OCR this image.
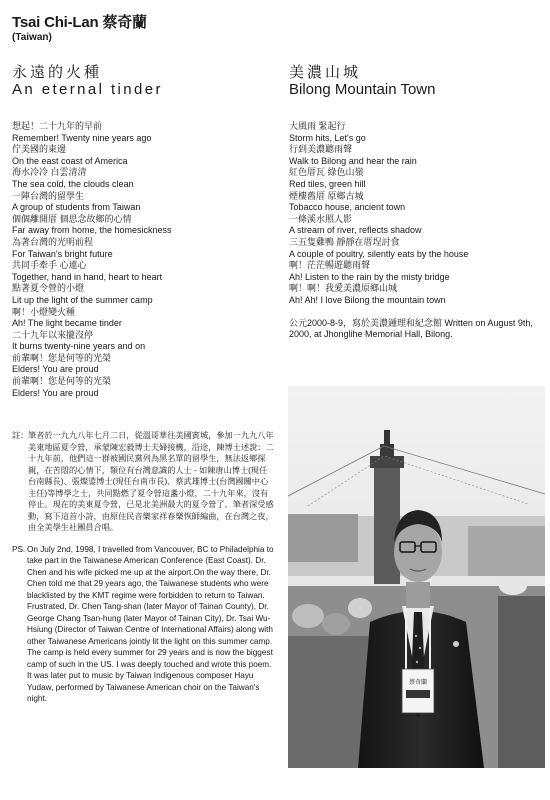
Tsai Chi-Lan 蔡奇蘭
(Taiwan)
永遠的火種
An eternal tinder
想起！二十九年的早前
Remember! Twenty nine years ago
佇美國的東邊
On the east coast of America
海水冷冷 白雲清清
The sea cold, the clouds clean
一陣台灣的留學生
A group of students from Taiwan
個個離開厝 個思念故鄉的心情
Far away from home, the homesickness
為著台灣的光明前程
For Taiwan's bright future
共同手牽手 心連心
Together, hand in hand, heart to heart
點著夏令營的小燈
Lit up the light of the summer camp
啊！小燈變火種
Ah! The light became tinder
二十九年以來攏沒停
It burns twenty-nine years and on
前輩啊！您是何等的光榮
Elders! You are proud
前輩啊！您是何等的光榮
Elders! You are proud
美濃山城
Bilong Mountain Town
大風雨 緊起行
Storm hits, Let's go
行到美濃聽雨聲
Walk to Bilong and hear the rain
紅色厝瓦 綠色山嶺
Red tiles, green hill
煙樓舊厝 原鄉古城
Tobacco house, ancient town
一條溪水照人影
A stream of river, reflects shadow
三五隻雞鴨 靜靜在厝埕討食
A couple of poultry, silently eats by the house
啊！茫茫暢遊聽雨聲
Ah! Listen to the rain by the misty bridge
啊！啊！我愛美濃原鄉山城
Ah! Ah! I love Bilong the mountain town
公元2000-8-9，寫於美濃鍾理和紀念館 Written on August 9th, 2000, at Jhonglihe Memorial Hall, Bilong.
註： 筆者於一九九八年七月二日，從溫哥華往美國賓城，參加一九九八年美東地區夏令營，承蒙陳宏毅博士夫婦接機，沿途，陳博士述說：二十九年前，他們這一群被國民黨列為黑名單的留學生，無法返鄉探親，在苦悶的心情下，類位有台灣意識的人士 - 如陳唐山博士(現任台南縣長)、張燦鍙博士(現任台南市長)、蔡武雄博士(台灣國關中心主任)等博學之士，共同點燃了夏令營這盞小燈，二十九年來，沒有停止。現在的美東夏令營，已是北美洲最大的夏令營了。筆者深受感動，寫下這首小詩，由原住民音樂家祥春樂恢師編曲，在台灣之夜，由全美學生社團員合唱。
PS. On July 2nd, 1998, I travelled from Vancouver, BC to Philadelphia to take part in the Taiwanese American Conference (East Coast). Dr. Chen and his wife picked me up at the airport.On the way there, Dr. Chen told me that 29 years ago, the Taiwanese students who were blacklisted by the KMT regime were forbidden to return to Taiwan. Frustrated, Dr. Chen Tang-shan (later Mayor of Tainan County), Dr. George Chang Tsan-hung (later Mayor of Tainan City), Dr. Tsai Wu-Hsiung (Director of Taiwan Centre of International Affairs) along with other Taiwanese Americans jointly lit the light on this summer camp. The camp is held every summer for 29 years and is now the biggest camp of such in the US. I was deeply touched and wrote this poem. It was later put to music by Taiwan Indigenous composer Hayu Yudaw, performed by Taiwanese American choir on the Taiwan's night.
蔡奇蘭
